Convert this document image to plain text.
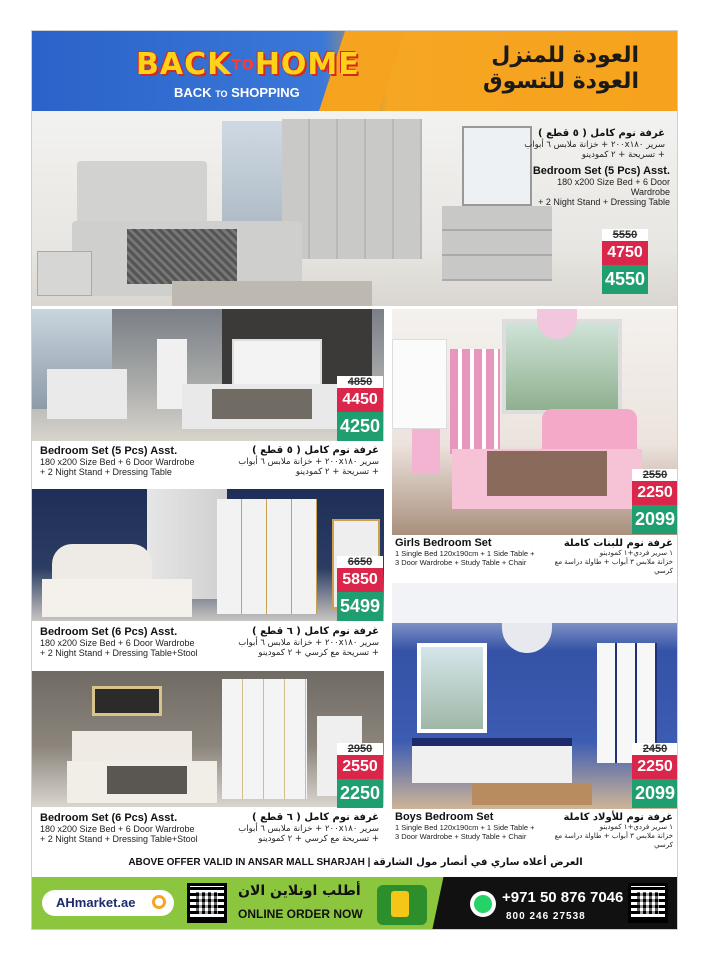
BACKTOHOME
BACK TO SHOPPING
العودة للمنزل
العودة للتسوق
غرفة نوم كامل ( ٥ قطع )
سرير ٢٠٠x١٨٠ + خزانة ملابس ٦ أبواب
+ تسريحة + ٢ كمودينو
Bedroom Set (5 Pcs) Asst.
180 x200 Size Bed + 6 Door Wardrobe
+ 2 Night Stand + Dressing Table
5550
4750
4550
4850
4450
4250
Bedroom Set (5 Pcs) Asst.
180 x200 Size Bed + 6 Door Wardrobe
+ 2 Night Stand + Dressing Table
غرفة نوم كامل ( ٥ قطع )
سرير ٢٠٠x١٨٠ + خزانة ملابس ٦ أبواب
+ تسريحة + ٢ كمودينو	2550
2250
2099
Girls Bedroom Set
1 Single Bed 120x190cm + 1 Side Table +
3 Door Wardrobe + Study Table + Chair
غرفة نوم للبنات كاملة
١ سرير فردي+١ كمودينو
خزانة ملابس ٣ أبواب + طاولة دراسة مع كرسي
6650
5850
5499
Bedroom Set (6 Pcs) Asst.
180 x200 Size Bed + 6 Door Wardrobe
+ 2 Night Stand + Dressing Table+Stool
غرفة نوم كامل ( ٦ قطع )
سرير ٢٠٠x١٨٠ + خزانة ملابس ٦ أبواب
+ تسريحة مع كرسي + ٢ كمودينو
2450
2250
2099
Boys Bedroom Set
1 Single Bed 120x190cm + 1 Side Table +
3 Door Wardrobe + Study Table + Chair
غرفة نوم للأولاد كاملة
١ سرير فردي+١ كمودينو
خزانة ملابس ٣ أبواب + طاولة دراسة مع كرسي
2950
2550
2250
Bedroom Set (6 Pcs) Asst.
180 x200 Size Bed + 6 Door Wardrobe
+ 2 Night Stand + Dressing Table+Stool
غرفة نوم كامل ( ٦ قطع )
سرير ٢٠٠x١٨٠ + خزانة ملابس ٦ أبواب
+ تسريحة مع كرسي + ٢ كمودينو
ABOVE OFFER VALID IN ANSAR MALL SHARJAH | العرض أعلاه ساري في أنصار مول الشارقة
AHmarket.ae
أطلب اونلاين الان
ONLINE ORDER NOW
+971 50 876 7046
800 246 27538
